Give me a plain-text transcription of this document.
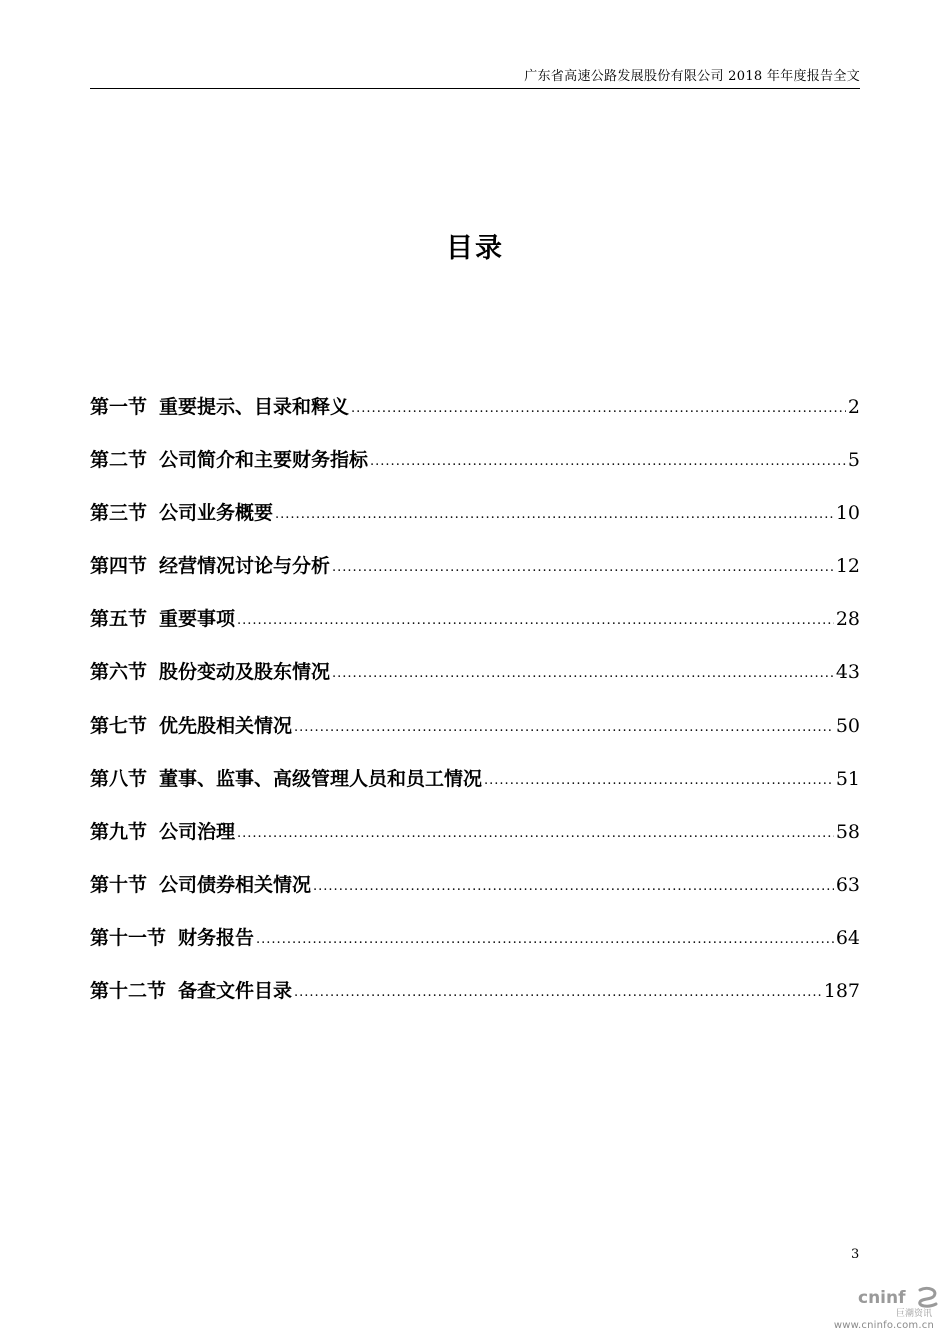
广东省高速公路发展股份有限公司 2018 年年度报告全文
目录
第一节 重要提示、目录和释义 .....	2
第二节 公司简介和主要财务指标 .....	5
第三节 公司业务概要 .....	10
第四节 经营情况讨论与分析 .....	12
第五节 重要事项 .....	28
第六节 股份变动及股东情况 .....	43
第七节 优先股相关情况 .....	50
第八节 董事、监事、高级管理人员和员工情况 .....	51
第九节 公司治理 .....	58
第十节 公司债券相关情况 .....	63
第十一节 财务报告 .....	64
第十二节 备查文件目录 .....	187
3
cninf
巨潮资讯
www.cninfo.com.cn
